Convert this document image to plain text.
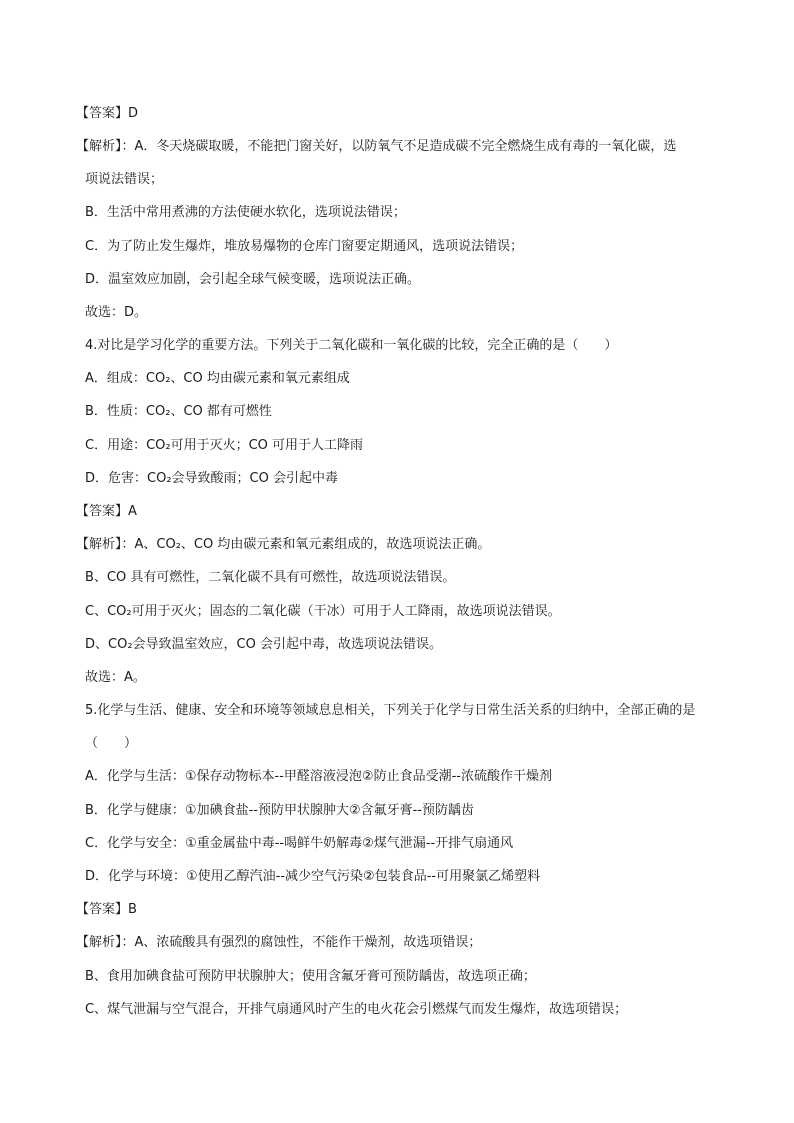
【答案】D
【解析】：A．冬天烧碳取暖，不能把门窗关好，以防氧气不足造成碳不完全燃烧生成有毒的一氧化碳，选
项说法错误；
B．生活中常用煮沸的方法使硬水软化，选项说法错误；
C．为了防止发生爆炸，堆放易爆物的仓库门窗要定期通风，选项说法错误；
D．温室效应加剧，会引起全球气候变暖，选项说法正确。
故选：D。
4.对比是学习化学的重要方法。下列关于二氧化碳和一氧化碳的比较，完全正确的是（　　）
A．组成：CO₂、CO 均由碳元素和氧元素组成
B．性质：CO₂、CO 都有可燃性
C．用途：CO₂可用于灭火；CO 可用于人工降雨
D．危害：CO₂会导致酸雨；CO 会引起中毒
【答案】A
【解析】：A、CO₂、CO 均由碳元素和氧元素组成的，故选项说法正确。
B、CO 具有可燃性，二氧化碳不具有可燃性，故选项说法错误。
C、CO₂可用于灭火；固态的二氧化碳（干冰）可用于人工降雨，故选项说法错误。
D、CO₂会导致温室效应，CO 会引起中毒，故选项说法错误。
故选：A。
5.化学与生活、健康、安全和环境等领域息息相关，下列关于化学与日常生活关系的归纳中，全部正确的是
（　　）
A．化学与生活：①保存动物标本--甲醛溶液浸泡②防止食品受潮--浓硫酸作干燥剂
B．化学与健康：①加碘食盐--预防甲状腺肿大②含氟牙膏--预防龋齿
C．化学与安全：①重金属盐中毒--喝鲜牛奶解毒②煤气泄漏--开排气扇通风
D．化学与环境：①使用乙醇汽油--减少空气污染②包装食品--可用聚氯乙烯塑料
【答案】B
【解析】：A、浓硫酸具有强烈的腐蚀性，不能作干燥剂，故选项错误；
B、食用加碘食盐可预防甲状腺肿大；使用含氟牙膏可预防龋齿，故选项正确；
C、煤气泄漏与空气混合，开排气扇通风时产生的电火花会引燃煤气而发生爆炸，故选项错误；
